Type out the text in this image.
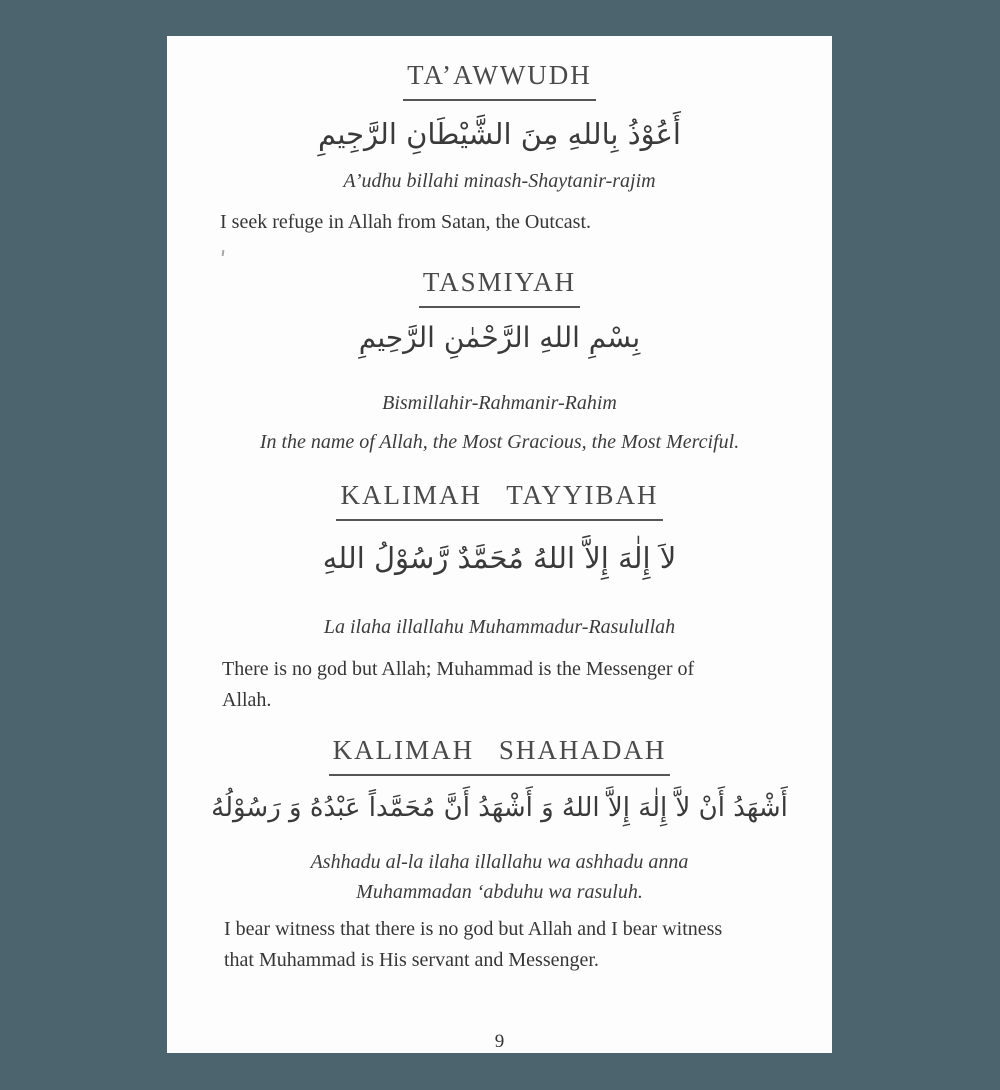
TA’AWWUDH
أَعُوْذُ بِاللهِ مِنَ الشَّيْطَانِ الرَّجِيمِ
A’udhu billahi minash-Shaytanir-rajim
I seek refuge in Allah from Satan, the Outcast.
TASMIYAH
بِسْمِ اللهِ الرَّحْمٰنِ الرَّحِيمِ
Bismillahir-Rahmanir-Rahim
In the name of Allah, the Most Gracious, the Most Merciful.
KALIMAH TAYYIBAH
لاَ إِلٰهَ إِلاَّ اللهُ مُحَمَّدٌ رَّسُوْلُ اللهِ
La ilaha illallahu Muhammadur-Rasulullah
There is no god but Allah; Muhammad is the Messenger of
Allah.
KALIMAH SHAHADAH
أَشْهَدُ أَنْ لاَّ إِلٰهَ إِلاَّ اللهُ وَ أَشْهَدُ أَنَّ مُحَمَّداً عَبْدُهُ وَ رَسُوْلُهُ
Ashhadu al-la ilaha illallahu wa ashhadu anna
Muhammadan ‘abduhu wa rasuluh.
I bear witness that there is no god but Allah and I bear witness
that Muhammad is His servant and Messenger.
9
